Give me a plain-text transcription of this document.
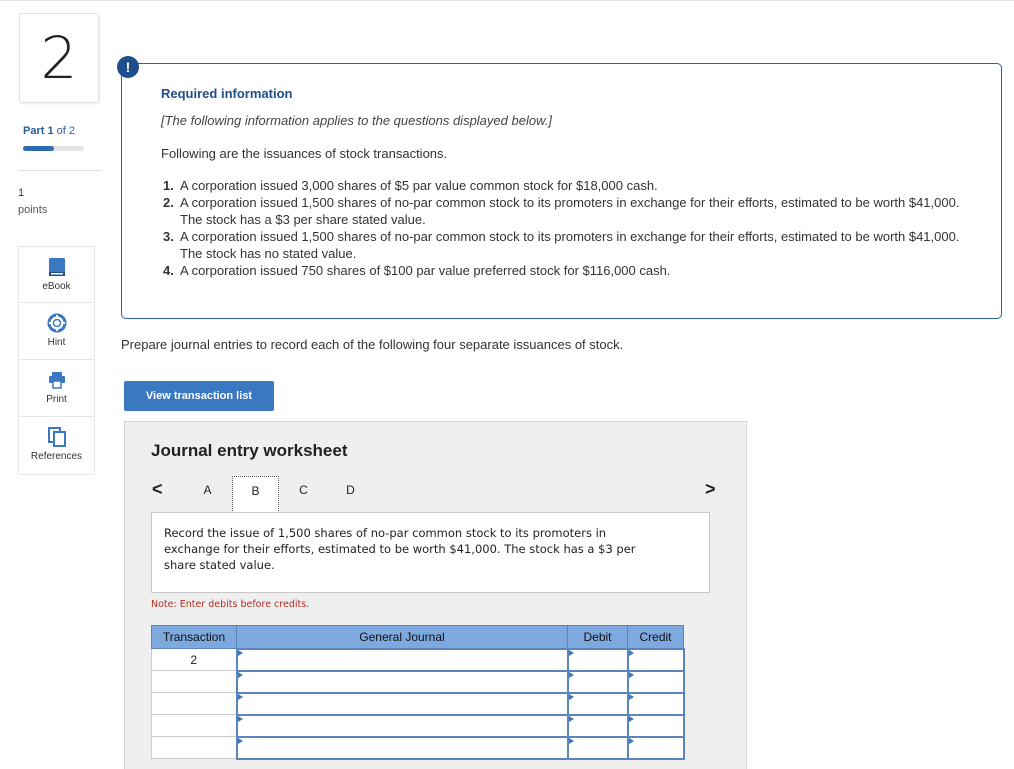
2
Part 1 of 2
1
points
eBook
Hint
Print
References
!
Required information
[The following information applies to the questions displayed below.]
Following are the issuances of stock transactions.
1. A corporation issued 3,000 shares of $5 par value common stock for $18,000 cash.
2. A corporation issued 1,500 shares of no-par common stock to its promoters in exchange for their efforts, estimated to be worth $41,000. The stock has a $3 per share stated value.
3. A corporation issued 1,500 shares of no-par common stock to its promoters in exchange for their efforts, estimated to be worth $41,000. The stock has no stated value.
4. A corporation issued 750 shares of $100 par value preferred stock for $116,000 cash.
Prepare journal entries to record each of the following four separate issuances of stock.
View transaction list
Journal entry worksheet
<	>
A	B	C	D
Record the issue of 1,500 shares of no-par common stock to its promoters in exchange for their efforts, estimated to be worth $41,000. The stock has a $3 per share stated value.
Note: Enter debits before credits.
Transaction	General Journal	Debit	Credit
2			
